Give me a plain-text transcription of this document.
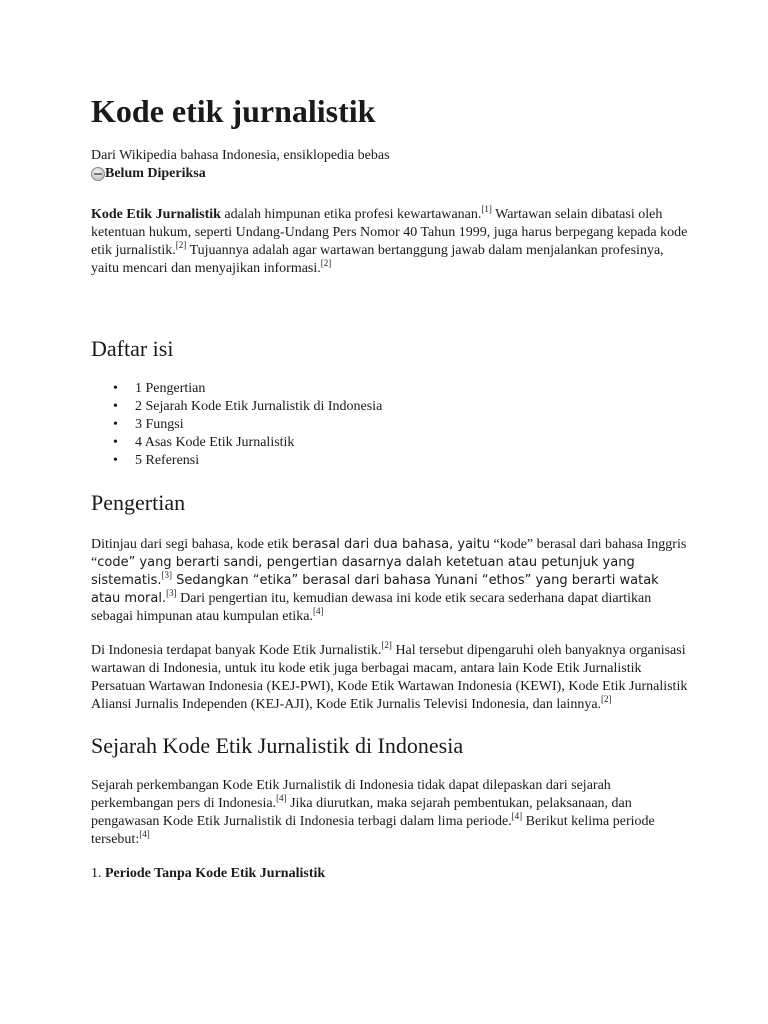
Kode etik jurnalistik

Dari Wikipedia bahasa Indonesia, ensiklopedia bebas

Belum Diperiksa

Kode Etik Jurnalistik adalah himpunan etika profesi kewartawanan.[1] Wartawan selain dibatasi oleh ketentuan hukum, seperti Undang-Undang Pers Nomor 40 Tahun 1999, juga harus berpegang kepada kode etik jurnalistik.[2] Tujuannya adalah agar wartawan bertanggung jawab dalam menjalankan profesinya, yaitu mencari dan menyajikan informasi.[2]

Daftar isi
• 1 Pengertian
• 2 Sejarah Kode Etik Jurnalistik di Indonesia
• 3 Fungsi
• 4 Asas Kode Etik Jurnalistik
• 5 Referensi
Pengertian

Ditinjau dari segi bahasa, kode etik berasal dari dua bahasa, yaitu “kode” berasal dari bahasa Inggris “code” yang berarti sandi, pengertian dasarnya dalah ketetuan atau petunjuk yang sistematis.[3] Sedangkan “etika” berasal dari bahasa Yunani “ethos” yang berarti watak atau moral.[3] Dari pengertian itu, kemudian dewasa ini kode etik secara sederhana dapat diartikan sebagai himpunan atau kumpulan etika.[4]

Di Indonesia terdapat banyak Kode Etik Jurnalistik.[2] Hal tersebut dipengaruhi oleh banyaknya organisasi wartawan di Indonesia, untuk itu kode etik juga berbagai macam, antara lain Kode Etik Jurnalistik Persatuan Wartawan Indonesia (KEJ-PWI), Kode Etik Wartawan Indonesia (KEWI), Kode Etik Jurnalistik Aliansi Jurnalis Independen (KEJ-AJI), Kode Etik Jurnalis Televisi Indonesia, dan lainnya.[2]

Sejarah Kode Etik Jurnalistik di Indonesia

Sejarah perkembangan Kode Etik Jurnalistik di Indonesia tidak dapat dilepaskan dari sejarah perkembangan pers di Indonesia.[4] Jika diurutkan, maka sejarah pembentukan, pelaksanaan, dan pengawasan Kode Etik Jurnalistik di Indonesia terbagi dalam lima periode.[4] Berikut kelima periode tersebut:[4]

1. Periode Tanpa Kode Etik Jurnalistik
